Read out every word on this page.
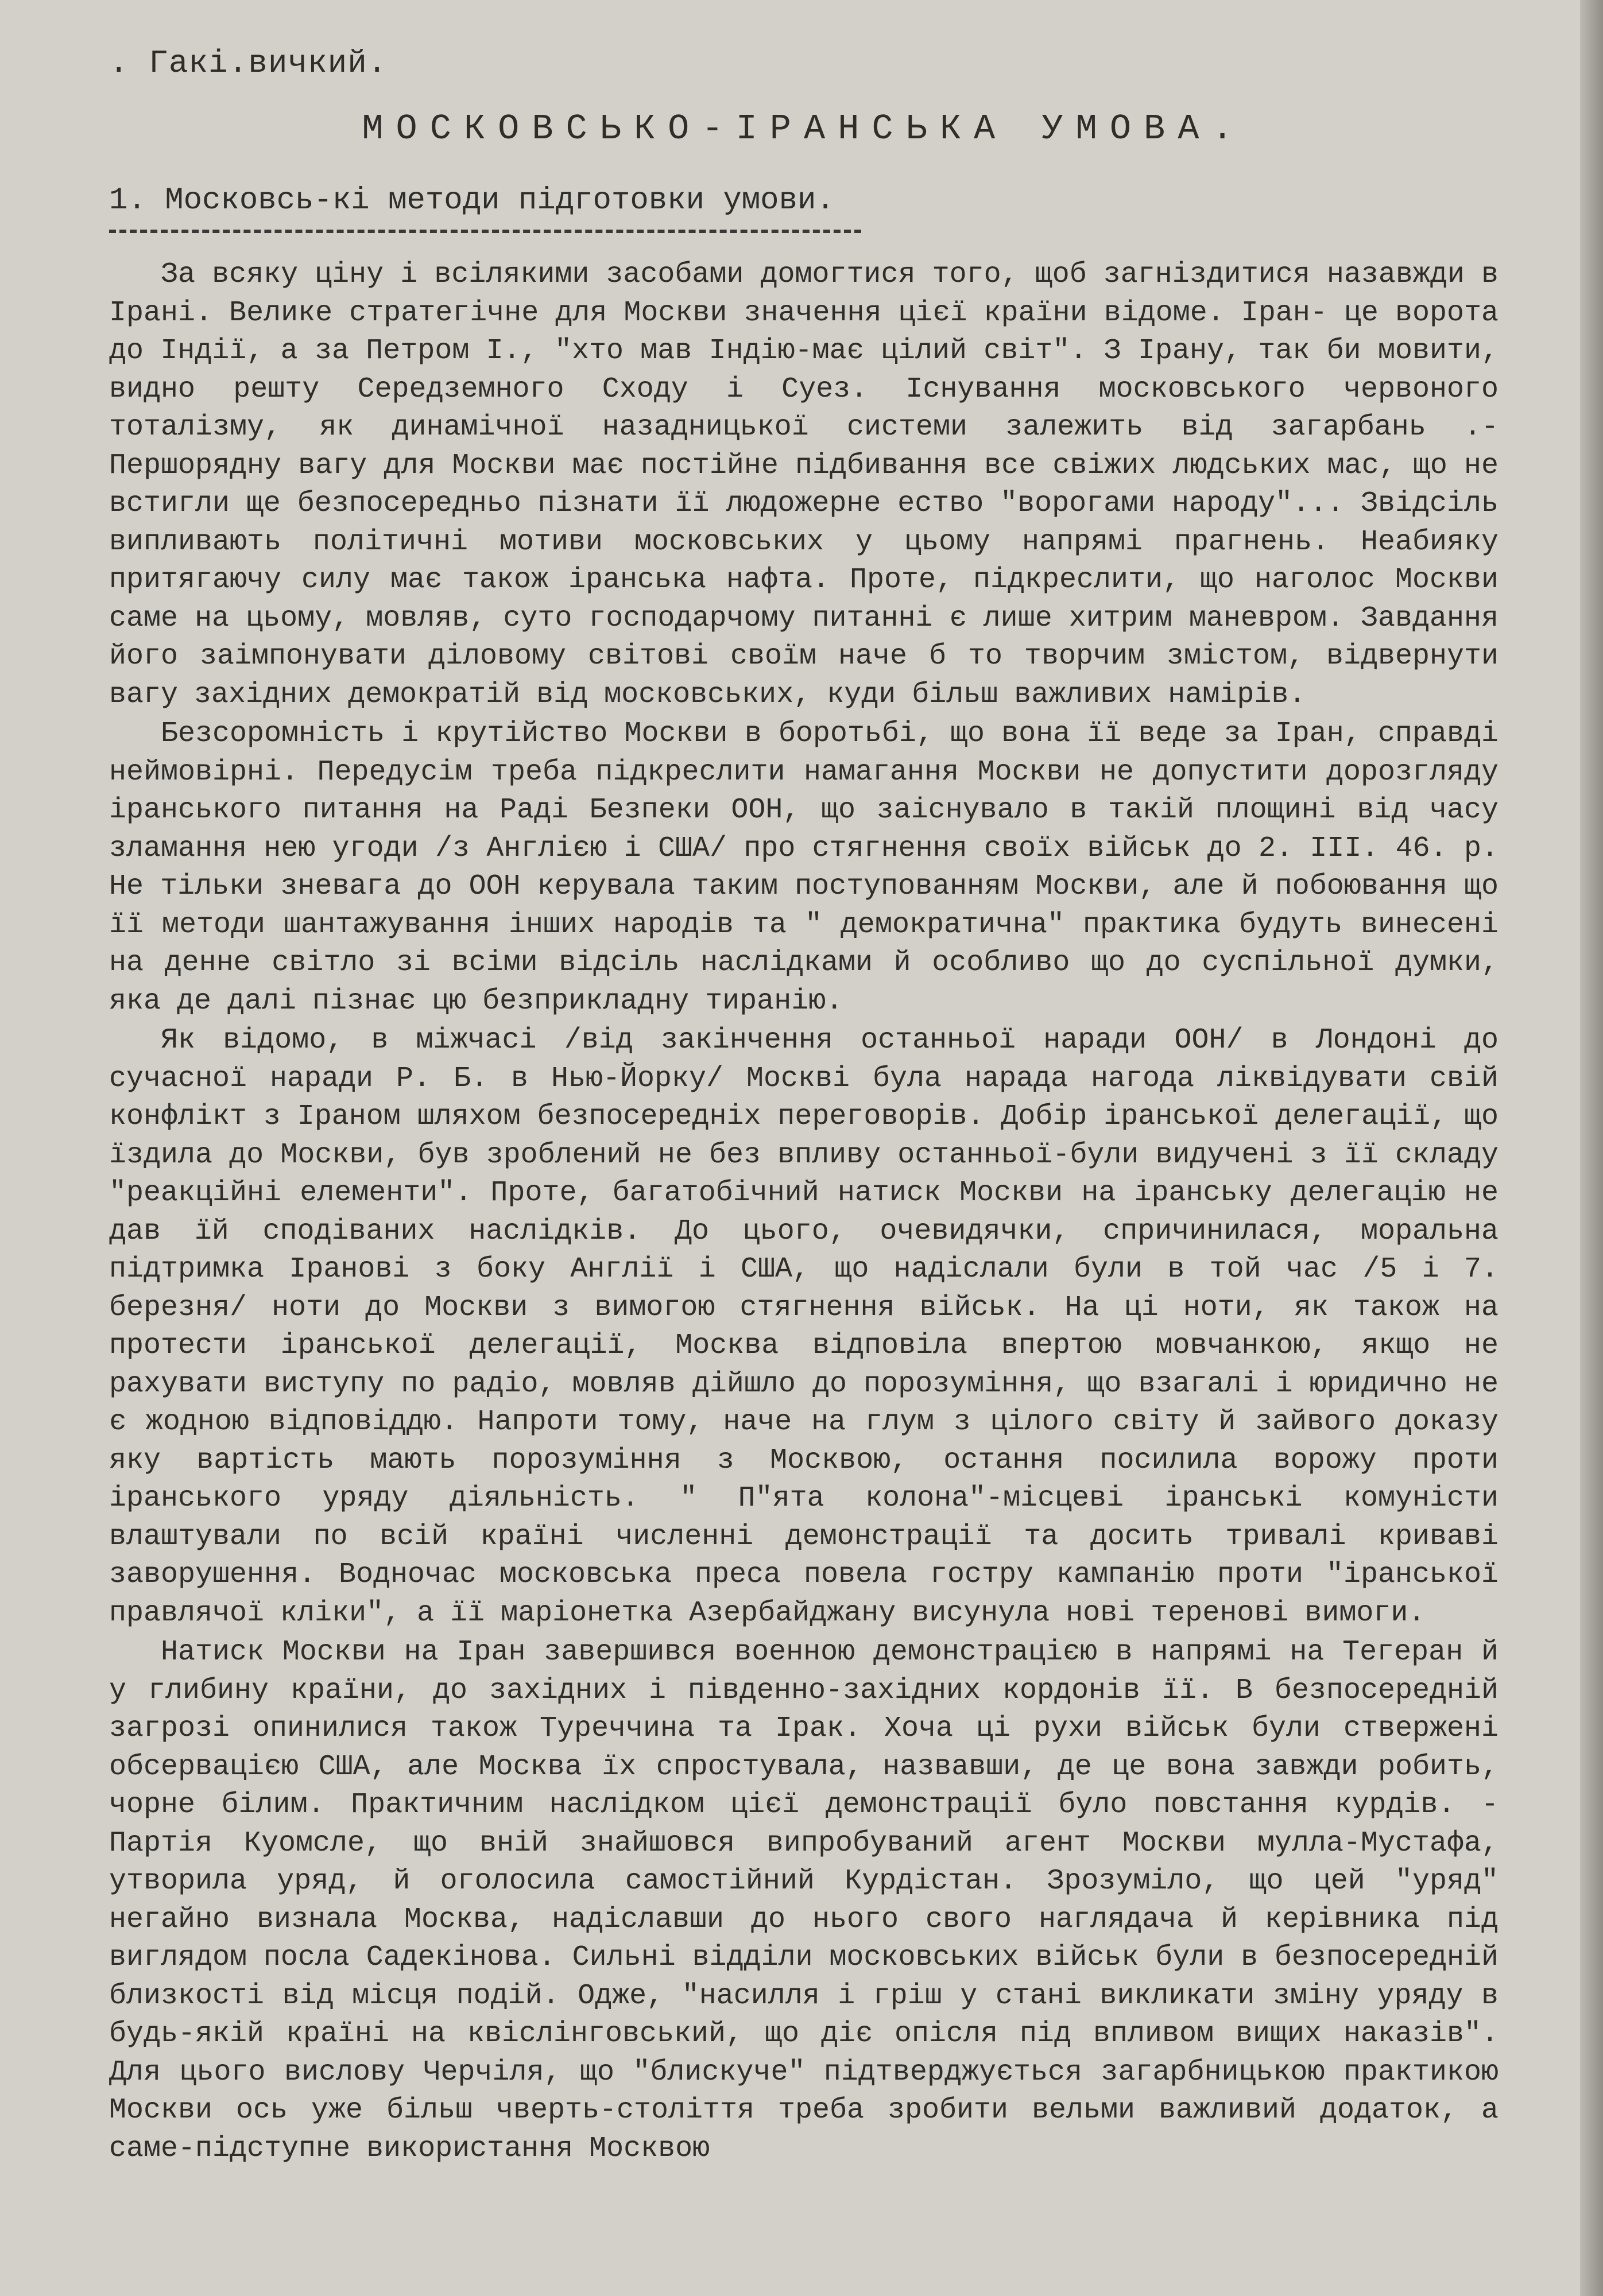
. Гакі.вичкий.
МОСКОВСЬКО-ІРАНСЬКА УМОВА.
1. Московсь-кі методи підготовки умови.

За всяку ціну і всілякими засобами домогтися того, щоб загніздитися назавжди в Ірані. Велике стратегічне для Москви значення цієї країни відоме. Іран- це ворота до Індії, а за Петром І., "хто мав Індію-має цілий світ". З Ірану, так би мовити, видно решту Середземного Сходу і Суез. Існування московського червоного тоталізму, як динамічної назадницької системи залежить від загарбань .- Першорядну вагу для Москви має постійне підбивання все свіжих людських мас, що не встигли ще безпосередньо пізнати її людожерне ество "ворогами народу"... Звідсіль випливають політичні мотиви московських у цьому напрямі прагнень. Неабияку притягаючу силу має також іранська нафта. Проте, підкреслити, що наголос Москви саме на цьому, мовляв, суто господарчому питанні є лише хитрим маневром. Завдання його заімпонувати діловому світові своїм наче б то творчим змістом, відвернути вагу західних демократій від московських, куди більш важливих намірів.

Безсоромність і крутійство Москви в боротьбі, що вона її веде за Іран, справді неймовірні. Передусім треба підкреслити намагання Москви не допустити дорозгляду іранського питання на Раді Безпеки ООН, що заіснувало в такій площині від часу зламання нею угоди /з Англією і США/ про стягнення своїх військ до 2. III. 46. р. Не тільки зневага до ООН керувала таким поступованням Москви, але й побоювання що її методи шантажування інших народів та " демократична" практика будуть винесені на денне світло зі всіми відсіль наслідками й особливо що до суспільної думки, яка де далі пізнає цю безприкладну тиранію.

Як відомо, в міжчасі /від закінчення останньої наради ООН/ в Лондоні до сучасної наради Р. Б. в Нью-Йорку/ Москві була нарада нагода ліквідувати свій конфлікт з Іраном шляхом безпосередніх переговорів. Добір іранської делегації, що їздила до Москви, був зроблений не без впливу останньої-були видучені з її складу "реакційні елементи". Проте, багатобічний натиск Москви на іранську делегацію не дав їй сподіваних наслідків. До цього, очевидячки, спричинилася, моральна підтримка Іранові з боку Англії і США, що надіслали були в той час /5 і 7. березня/ ноти до Москви з вимогою стягнення військ. На ці ноти, як також на протести іранської делегації, Москва відповіла впертою мовчанкою, якщо не рахувати виступу по радіо, мовляв дійшло до порозуміння, що взагалі і юридично не є жодною відповіддю. Напроти тому, наче на глум з цілого світу й зайвого доказу яку вартість мають порозуміння з Москвою, остання посилила ворожу проти іранського уряду діяльність. " П"ята колона"-місцеві іранські комуністи влаштували по всій країні численні демонстрації та досить тривалі криваві заворушення. Водночас московська преса повела гостру кампанію проти "іранської правлячої кліки", а її маріонетка Азербайджану висунула нові теренові вимоги.

Натиск Москви на Іран завершився военною демонстрацією в напрямі на Тегеран й у глибину країни, до західних і південно-західних кордонів її. В безпосередній загрозі опинилися також Туреччина та Ірак. Хоча ці рухи військ були ствержені обсервацією США, але Москва їх спростувала, назвавши, де це вона завжди робить, чорне білим. Практичним наслідком цієї демонстрації було повстання курдів. - Партія Куомсле, що вній знайшовся випробуваний агент Москви мулла-Мустафа, утворила уряд, й оголосила самостійний Курдістан. Зрозуміло, що цей "уряд" негайно визнала Москва, надіславши до нього свого наглядача й керівника під виглядом посла Садекінова. Сильні відділи московських військ були в безпосередній близкості від місця подій. Одже, "насилля і гріш у стані викликати зміну уряду в будь-якій країні на квіслінговський, що діє опісля під впливом вищих наказів". Для цього вислову Черчіля, що "блискуче" підтверджується загарбницькою практикою Москви ось уже більш чверть-століття треба зробити вельми важливий додаток, а саме-підступне використання Москвою
